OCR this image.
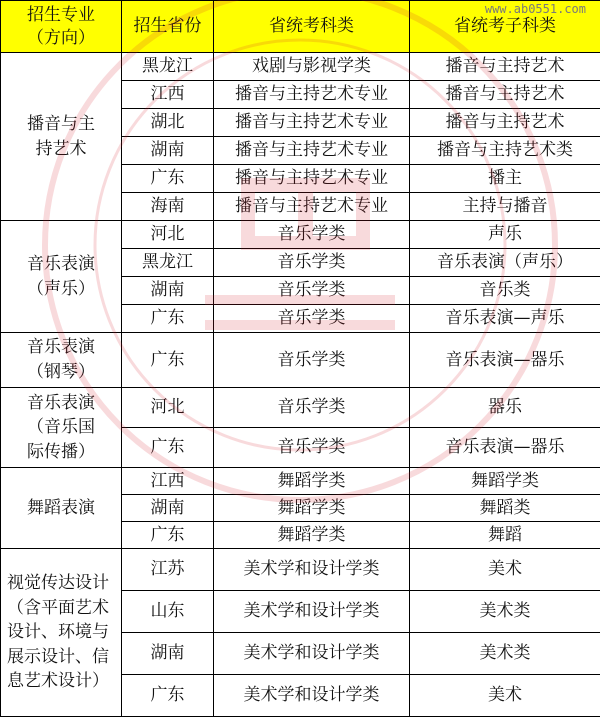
招生专业（方向）	招生省份	省统考科类	省统考子科类
播音与主持艺术	黑龙江	戏剧与影视学类	播音与主持艺术
	江西	播音与主持艺术专业	播音与主持艺术
	湖北	播音与主持艺术专业	播音与主持艺术
	湖南	播音与主持艺术专业	播音与主持艺术类
	广东	播音与主持艺术专业	播主
	海南	播音与主持艺术专业	主持与播音
音乐表演（声乐）	河北	音乐学类	声乐
	黑龙江	音乐学类	音乐表演（声乐）
	湖南	音乐学类	音乐类
	广东	音乐学类	音乐表演—声乐
音乐表演（钢琴）	广东	音乐学类	音乐表演—器乐
音乐表演（音乐国际传播）	河北	音乐学类	器乐
	广东	音乐学类	音乐表演—器乐
舞蹈表演	江西	舞蹈学类	舞蹈学类
	湖南	舞蹈学类	舞蹈类
	广东	舞蹈学类	舞蹈
视觉传达设计（含平面艺术设计、环境与展示设计、信息艺术设计）	江苏	美术学和设计学类	美术
	山东	美术学和设计学类	美术类
	湖南	美术学和设计学类	美术类
	广东	美术学和设计学类	美术
www.ab0551.com
